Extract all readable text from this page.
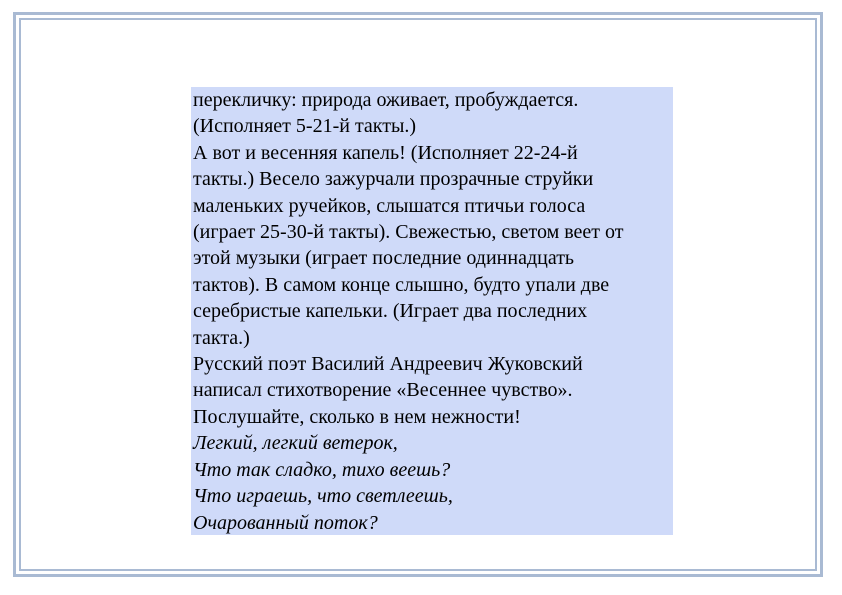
перекличку: природа оживает, пробуждается.
(Исполняет 5-21-й такты.)
А вот и весенняя капель! (Исполняет 22-24-й
такты.) Весело зажурчали прозрачные струйки
маленьких ручейков, слышатся птичьи голоса
(играет 25-30-й такты). Свежестью, светом веет от
этой музыки (играет последние одиннадцать
тактов). В самом конце слышно, будто упали две
серебристые капельки. (Играет два последних
такта.)
Русский поэт Василий Андреевич Жуковский
написал стихотворение «Весеннее чувство».
Послушайте, сколько в нем нежности!
Легкий, легкий ветерок,
Что так сладко, тихо веешь?
Что играешь, что светлеешь,
Очарованный поток?
